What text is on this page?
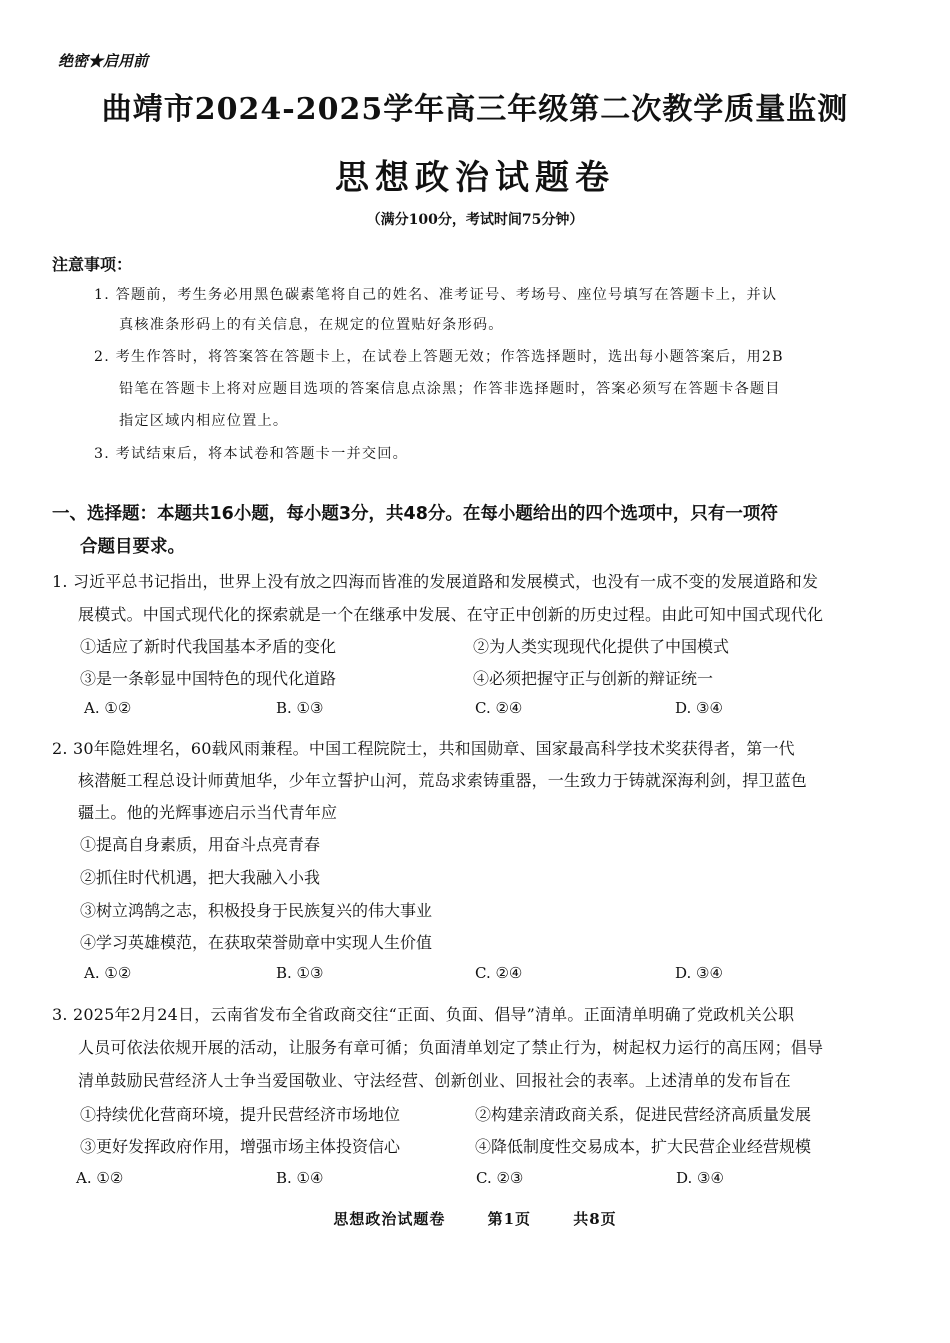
绝密★启用前
曲靖市2024-2025学年高三年级第二次教学质量监测
思想政治试题卷
（满分100分，考试时间75分钟）
注意事项：
1. 答题前，考生务必用黑色碳素笔将自己的姓名、准考证号、考场号、座位号填写在答题卡上，并认
真核准条形码上的有关信息，在规定的位置贴好条形码。
2. 考生作答时，将答案答在答题卡上，在试卷上答题无效；作答选择题时，选出每小题答案后，用2B
铅笔在答题卡上将对应题目选项的答案信息点涂黑；作答非选择题时，答案必须写在答题卡各题目
指定区域内相应位置上。
3. 考试结束后，将本试卷和答题卡一并交回。
一、选择题：本题共16小题，每小题3分，共48分。在每小题给出的四个选项中，只有一项符
合题目要求。
1. 习近平总书记指出，世界上没有放之四海而皆准的发展道路和发展模式，也没有一成不变的发展道路和发
展模式。中国式现代化的探索就是一个在继承中发展、在守正中创新的历史过程。由此可知中国式现代化
①适应了新时代我国基本矛盾的变化	②为人类实现现代化提供了中国模式
③是一条彰显中国特色的现代化道路	④必须把握守正与创新的辩证统一
A. ①②	B. ①③	C. ②④	D. ③④
2. 30年隐姓埋名，60载风雨兼程。中国工程院院士，共和国勋章、国家最高科学技术奖获得者，第一代
核潜艇工程总设计师黄旭华，少年立誓护山河，荒岛求索铸重器，一生致力于铸就深海利剑，捍卫蓝色
疆土。他的光辉事迹启示当代青年应
①提高自身素质，用奋斗点亮青春
②抓住时代机遇，把大我融入小我
③树立鸿鹄之志，积极投身于民族复兴的伟大事业
④学习英雄模范，在获取荣誉勋章中实现人生价值
A. ①②	B. ①③	C. ②④	D. ③④
3. 2025年2月24日，云南省发布全省政商交往“正面、负面、倡导”清单。正面清单明确了党政机关公职
人员可依法依规开展的活动，让服务有章可循；负面清单划定了禁止行为，树起权力运行的高压网；倡导
清单鼓励民营经济人士争当爱国敬业、守法经营、创新创业、回报社会的表率。上述清单的发布旨在
①持续优化营商环境，提升民营经济市场地位	②构建亲清政商关系，促进民营经济高质量发展
③更好发挥政府作用，增强市场主体投资信心	④降低制度性交易成本，扩大民营企业经营规模
A. ①②	B. ①④	C. ②③	D. ③④
思想政治试题卷	第1页	共8页
